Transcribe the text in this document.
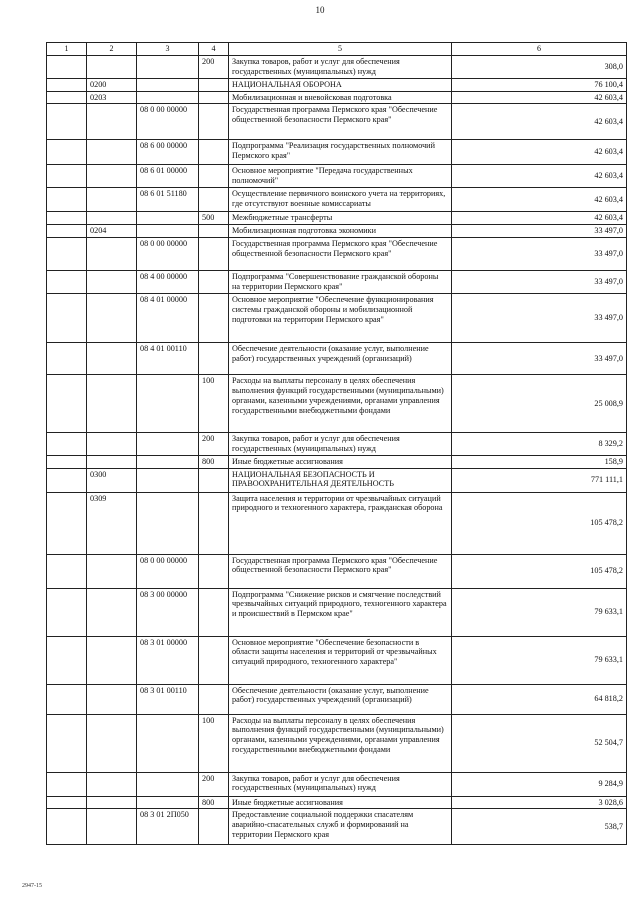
10
1	2	3	4	5	6
			200	Закупка товаров, работ и услуг для обеспечения государственных (муниципальных) нужд	308,0
	0200			НАЦИОНАЛЬНАЯ ОБОРОНА	76 100,4
	0203			Мобилизационная и вневойсковая подготовка	42 603,4
		08 0 00 00000		Государственная программа Пермского края "Обеспечение общественной безопасности Пермского края"	42 603,4
		08 6 00 00000		Подпрограмма "Реализация государственных полномочий Пермского края"	42 603,4
		08 6 01 00000		Основное мероприятие "Передача государственных полномочий"	42 603,4
		08 6 01 51180		Осуществление первичного воинского учета на территориях, где отсутствуют военные комиссариаты	42 603,4
			500	Межбюджетные трансферты	42 603,4
	0204			Мобилизационная подготовка экономики	33 497,0
		08 0 00 00000		Государственная программа Пермского края "Обеспечение общественной безопасности Пермского края"	33 497,0
		08 4 00 00000		Подпрограмма "Совершенствование гражданской обороны на территории Пермского края"	33 497,0
		08 4 01 00000		Основное мероприятие "Обеспечение функционирования системы гражданской обороны и мобилизационной подготовки на территории Пермского края"	33 497,0
		08 4 01 00110		Обеспечение деятельности (оказание услуг, выполнение работ) государственных учреждений (организаций)	33 497,0
			100	Расходы на выплаты персоналу в целях обеспечения выполнения функций государственными (муниципальными) органами, казенными учреждениями, органами управления государственными внебюджетными фондами	25 008,9
			200	Закупка товаров, работ и услуг для обеспечения государственных (муниципальных) нужд	8 329,2
			800	Иные бюджетные ассигнования	158,9
	0300			НАЦИОНАЛЬНАЯ БЕЗОПАСНОСТЬ И ПРАВООХРАНИТЕЛЬНАЯ ДЕЯТЕЛЬНОСТЬ	771 111,1
	0309			Защита населения и территории от чрезвычайных ситуаций природного и техногенного характера, гражданская оборона	105 478,2
		08 0 00 00000		Государственная программа Пермского края "Обеспечение общественной безопасности Пермского края"	105 478,2
		08 3 00 00000		Подпрограмма "Снижение рисков и смягчение последствий чрезвычайных ситуаций природного, техногенного характера и происшествий в Пермском крае"	79 633,1
		08 3 01 00000		Основное мероприятие "Обеспечение безопасности в области защиты населения и территорий от чрезвычайных ситуаций природного, техногенного характера"	79 633,1
		08 3 01 00110		Обеспечение деятельности (оказание услуг, выполнение работ) государственных учреждений (организаций)	64 818,2
			100	Расходы на выплаты персоналу в целях обеспечения выполнения функций государственными (муниципальными) органами, казенными учреждениями, органами управления государственными внебюджетными фондами	52 504,7
			200	Закупка товаров, работ и услуг для обеспечения государственных (муниципальных) нужд	9 284,9
			800	Иные бюджетные ассигнования	3 028,6
		08 3 01 2П050		Предоставление социальной поддержки спасателям аварийно-спасательных служб и формирований на территории Пермского края	538,7
2947-15
